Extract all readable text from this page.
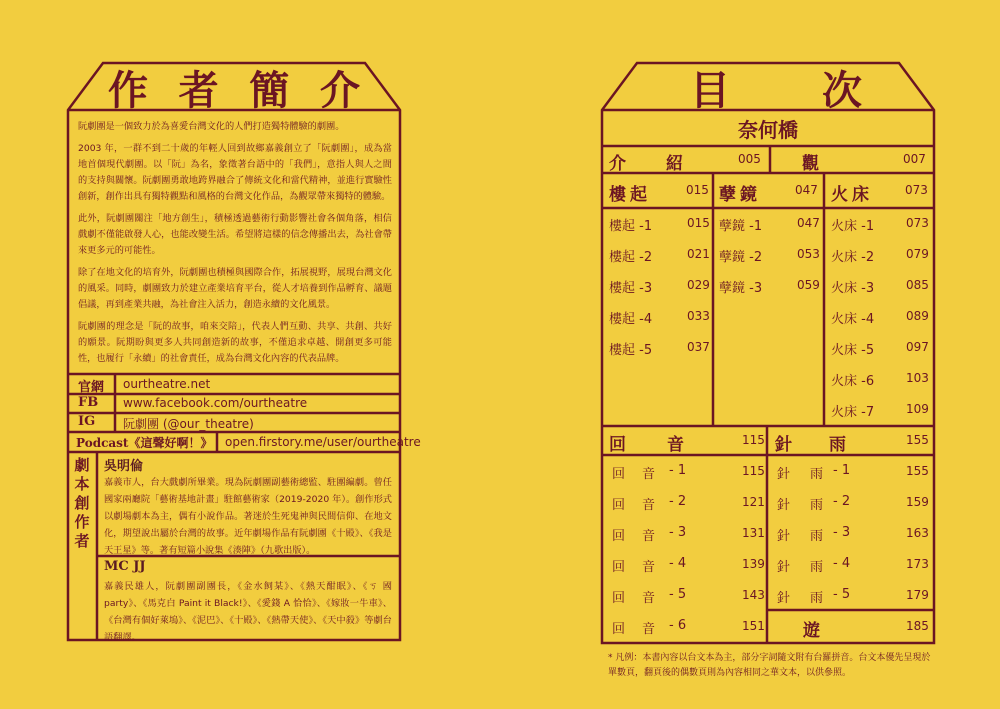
作 者 簡 介
阮劇團是一個致力於為喜愛台灣文化的人們打造獨特體驗的劇團。
2003 年，一群不到二十歲的年輕人回到故鄉嘉義創立了「阮劇團」，成為當地首個現代劇團。以「阮」為名，象徵著台語中的「我們」，意指人與人之間的支持與關懷。阮劇團勇敢地跨界融合了傳統文化和當代精神，並進行實驗性創新，創作出具有獨特觀點和風格的台灣文化作品，為觀眾帶來獨特的體驗。
此外，阮劇團關注「地方創生」，積極透過藝術行動影響社會各個角落，相信戲劇不僅能啟發人心，也能改變生活。希望將這樣的信念傳播出去，為社會帶來更多元的可能性。
除了在地文化的培育外，阮劇團也積極與國際合作，拓展視野，展現台灣文化的風采。同時，劇團致力於建立產業培育平台，從人才培養到作品孵育、議題倡議，再到產業共融，為社會注入活力，創造永續的文化風景。
阮劇團的理念是「阮的故事，咱來交陪」，代表人們互動、共享、共創、共好的願景。阮期盼與更多人共同創造新的故事，不僅追求卓越、開創更多可能性，也履行「永續」的社會責任，成為台灣文化內容的代表品牌。
官網 ourtheatre.net
FB www.facebook.com/ourtheatre
IG 阮劇團 (@our_theatre)
Podcast《這聲好啊！》 open.firstory.me/user/ourtheatre
劇
本
創
作
者
吳明倫
嘉義市人，台大戲劇所畢業。現為阮劇團副藝術總監、駐團編劇。曾任國家兩廳院「藝術基地計畫」駐館藝術家（2019-2020 年）。創作形式以劇場劇本為主，偶有小說作品。著迷於生死鬼神與民間信仰、在地文化，期望說出屬於台灣的故事。近年劇場作品有阮劇團《十殿》、《我是天王星》等。著有短篇小說集《湊陣》（九歌出版）。
MC JJ
嘉義民雄人，阮劇團副團長，《金水飼某》、《熱天酣眠》、《ㄎ 國 party》、《馬克白 Paint it Black!》、《愛錢 A 恰恰》、《嫁妝一牛車》、《台灣有個好萊塢》、《泥巴》、《十殿》、《熱帶天使》、《天中殺》等劇台語翻譯。
目 次
奈何橋
介 紹	005 觀	007
樓起	015
樓起 -1	015
樓起 -2	021
樓起 -3	029
樓起 -4	033
樓起 -5	037
孽鏡	047
孽鏡 -1	047
孽鏡 -2	053
孽鏡 -3	059
火床	073
火床 -1	073
火床 -2	079
火床 -3	085
火床 -4	089
火床 -5	097
火床 -6	103
火床 -7	109
回 音	115
回 音 - 1	115
回 音 - 2	121
回 音 - 3	131
回 音 - 4	139
回 音 - 5	143
回 音 - 6	151
針 雨	155
針 雨 - 1	155
針 雨 - 2	159
針 雨 - 3	163
針 雨 - 4	173
針 雨 - 5	179
遊	185
* 凡例：本書內容以台文本為主，部分字詞隨文附有台羅拼音。台文本優先呈現於
單數頁，翻頁後的偶數頁則為內容相同之華文本，以供參照。
